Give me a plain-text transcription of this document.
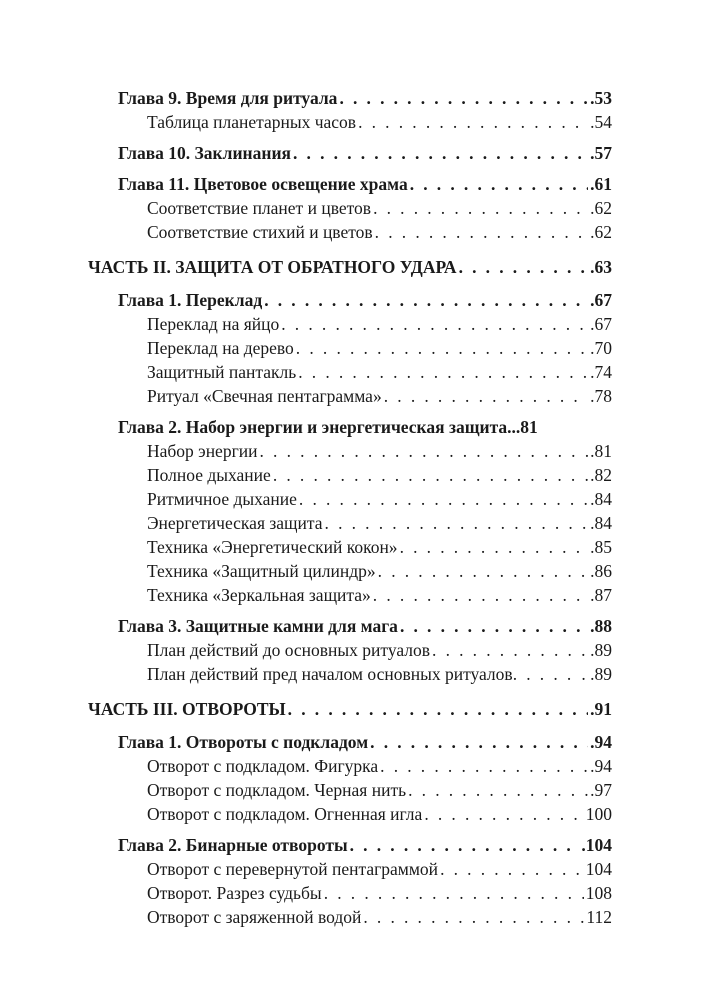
Глава 9. Время для ритуала . . .	.53
Таблица планетарных часов . . .	.54
Глава 10. Заклинания . . .	.57
Глава 11. Цветовое освещение храма . . .	.61
Соответствие планет и цветов . . .	.62
Соответствие стихий и цветов . . .	.62
ЧАСТЬ II. ЗАЩИТА ОТ ОБРАТНОГО УДАРА . . .	.63
Глава 1. Переклад . . .	.67
Переклад на яйцо . . .	.67
Переклад на дерево . . .	.70
Защитный пантакль . . .	.74
Ритуал «Свечная пентаграмма» . . .	.78
Глава 2. Набор энергии и энергетическая защита ...81
Набор энергии . . .	.81
Полное дыхание . . .	.82
Ритмичное дыхание . . .	.84
Энергетическая защита . . .	.84
Техника «Энергетический кокон» . . .	.85
Техника «Защитный цилиндр» . . .	.86
Техника «Зеркальная защита» . . .	.87
Глава 3. Защитные камни для мага . . .	.88
План действий до основных ритуалов . . .	.89
План действий пред началом основных ритуалов . . .	. .89
ЧАСТЬ III. ОТВОРОТЫ . . .	.91
Глава 1. Отвороты с подкладом . . .	.94
Отворот с подкладом. Фигурка . . .	.94
Отворот с подкладом. Черная нить . . .	.97
Отворот с подкладом. Огненная игла . . .	100
Глава 2. Бинарные отвороты . . .	.104
Отворот с перевернутой пентаграммой . . .	104
Отворот. Разрез судьбы . . .	108
Отворот с заряженной водой . . .	112
